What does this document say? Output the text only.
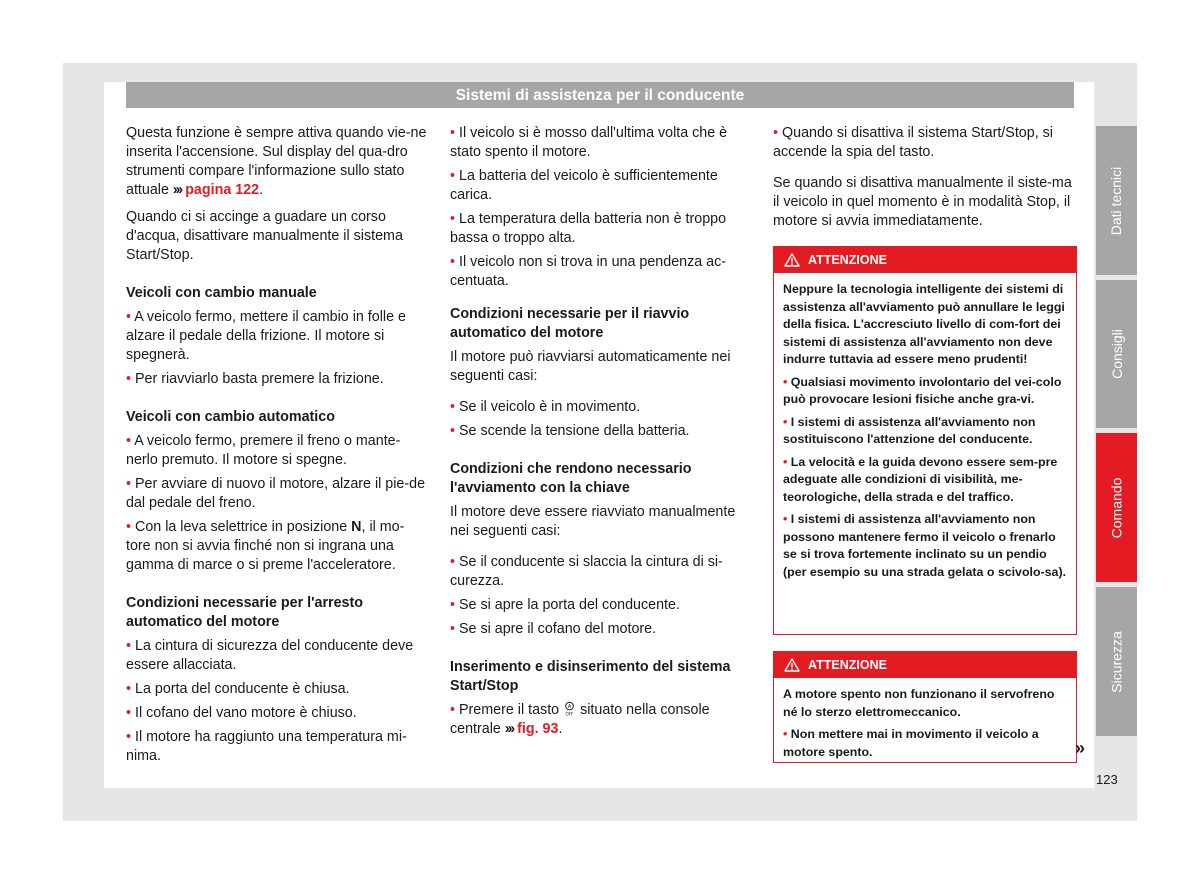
Sistemi di assistenza per il conducente

Questa funzione è sempre attiva quando vie-ne inserita l'accensione. Sul display del qua-dro strumenti compare l'informazione sullo stato attuale ››› pagina 122.

Quando ci si accinge a guadare un corso d'acqua, disattivare manualmente il sistema Start/Stop.

Veicoli con cambio manuale

• A veicolo fermo, mettere il cambio in folle e alzare il pedale della frizione. Il motore si spegnerà.

• Per riavviarlo basta premere la frizione.

Veicoli con cambio automatico

• A veicolo fermo, premere il freno o mante-nerlo premuto. Il motore si spegne.

• Per avviare di nuovo il motore, alzare il pie-de dal pedale del freno.

• Con la leva selettrice in posizione N, il mo-tore non si avvia finché non si ingrana una gamma di marce o si preme l'acceleratore.

Condizioni necessarie per l'arresto automatico del motore

• La cintura di sicurezza del conducente deve essere allacciata.

• La porta del conducente è chiusa.

• Il cofano del vano motore è chiuso.

• Il motore ha raggiunto una temperatura mi-nima.

• Il veicolo si è mosso dall'ultima volta che è stato spento il motore.

• La batteria del veicolo è sufficientemente carica.

• La temperatura della batteria non è troppo bassa o troppo alta.

• Il veicolo non si trova in una pendenza ac-centuata.

Condizioni necessarie per il riavvio automatico del motore

Il motore può riavviarsi automaticamente nei seguenti casi:

• Se il veicolo è in movimento.

• Se scende la tensione della batteria.

Condizioni che rendono necessario l'avviamento con la chiave

Il motore deve essere riavviato manualmente nei seguenti casi:

• Se il conducente si slaccia la cintura di si-curezza.

• Se si apre la porta del conducente.

• Se si apre il cofano del motore.

Inserimento e disinserimento del sistema Start/Stop

• Premere il tasto A
OFF situato nella console centrale ››› fig. 93.

• Quando si disattiva il sistema Start/Stop, si accende la spia del tasto.

Se quando si disattiva manualmente il siste-ma il veicolo in quel momento è in modalità Stop, il motore si avvia immediatamente.

ATTENZIONE

Neppure la tecnologia intelligente dei sistemi di assistenza all'avviamento può annullare le leggi della fisica. L'accresciuto livello di com-fort dei sistemi di assistenza all'avviamento non deve indurre tuttavia ad essere meno prudenti!

• Qualsiasi movimento involontario del vei-colo può provocare lesioni fisiche anche gra-vi.

• I sistemi di assistenza all'avviamento non sostituiscono l'attenzione del conducente.

• La velocità e la guida devono essere sem-pre adeguate alle condizioni di visibilità, me-teorologiche, della strada e del traffico.

• I sistemi di assistenza all'avviamento non possono mantenere fermo il veicolo o frenarlo se si trova fortemente inclinato su un pendio (per esempio su una strada gelata o scivolo-sa).

ATTENZIONE

A motore spento non funzionano il servofreno né lo sterzo elettromeccanico.

• Non mettere mai in movimento il veicolo a motore spento.

Dati tecnici
Consigli
Comando
Sicurezza
»
123
